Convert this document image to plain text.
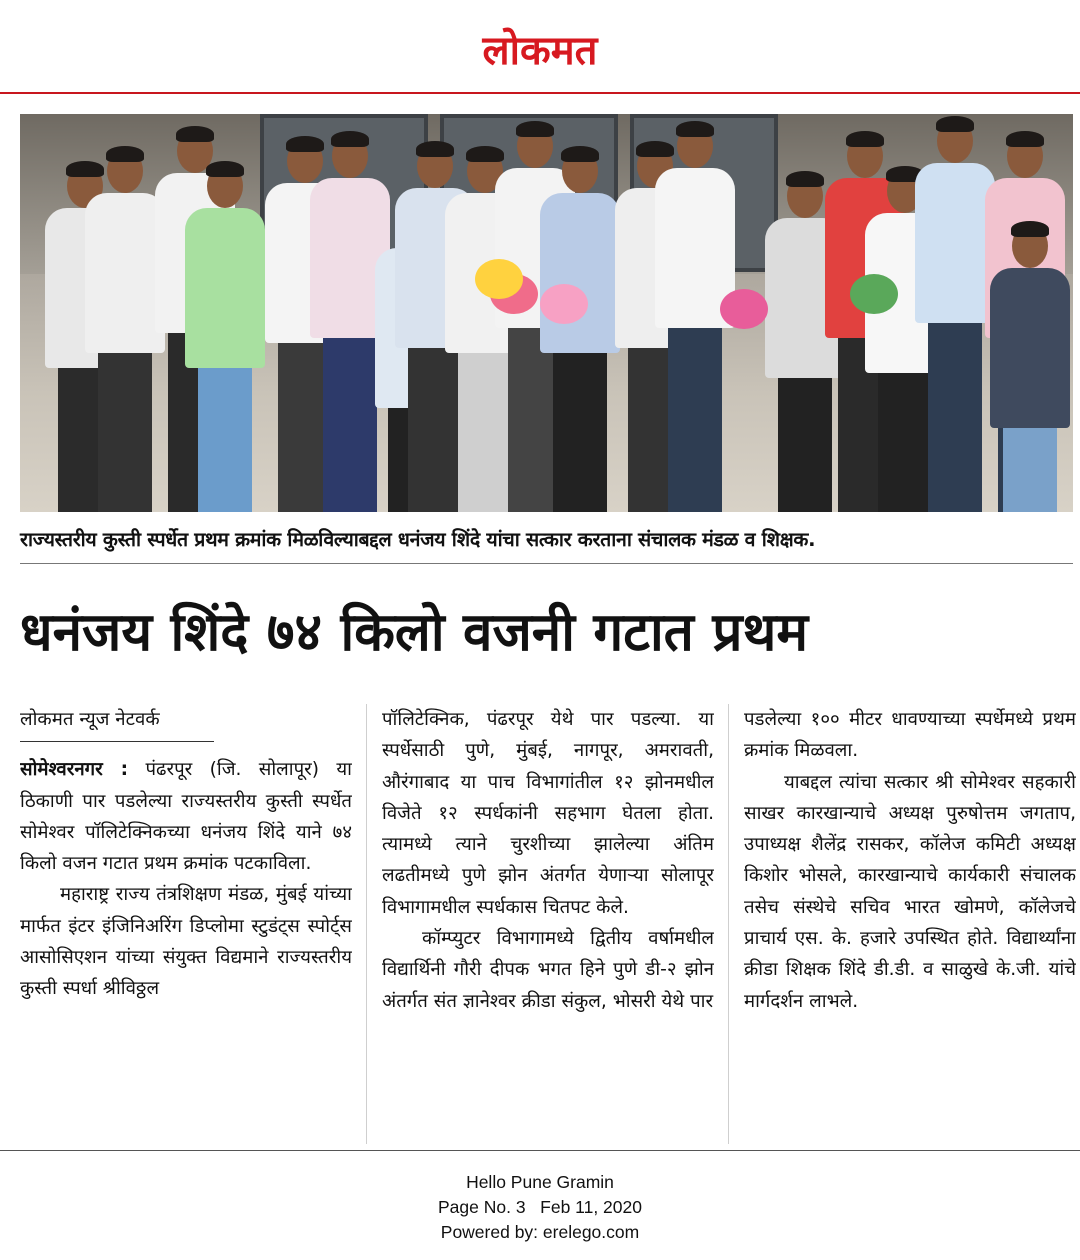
लोकमत
राज्यस्तरीय कुस्ती स्पर्धेत प्रथम क्रमांक मिळविल्याबद्दल धनंजय शिंदे यांचा सत्कार करताना संचालक मंडळ व शिक्षक.
धनंजय शिंदे ७४ किलो वजनी गटात प्रथम
लोकमत न्यूज नेटवर्क

सोमेश्वरनगर : पंढरपूर (जि. सोलापूर) या ठिकाणी पार पडलेल्या राज्यस्तरीय कुस्ती स्पर्धेत सोमेश्वर पॉलिटेक्निकच्या धनंजय शिंदे याने ७४ किलो वजन गटात प्रथम क्रमांक पटकाविला.

महाराष्ट्र राज्य तंत्रशिक्षण मंडळ, मुंबई यांच्या मार्फत इंटर इंजिनिअरिंग डिप्लोमा स्टुडंट्स स्पोर्ट्स आसोसिएशन यांच्या संयुक्त विद्यमाने राज्यस्तरीय कुस्ती स्पर्धा श्रीविठ्ठल

पॉलिटेक्निक, पंढरपूर येथे पार पडल्या. या स्पर्धेसाठी पुणे, मुंबई, नागपूर, अमरावती, औरंगाबाद या पाच विभागांतील १२ झोनमधील विजेते १२ स्पर्धकांनी सहभाग घेतला होता. त्यामध्ये त्याने चुरशीच्या झालेल्या अंतिम लढतीमध्ये पुणे झोन अंतर्गत येणाऱ्या सोलापूर विभागामधील स्पर्धकास चितपट केले.

कॉम्प्युटर विभागामध्ये द्वितीय वर्षामधील विद्यार्थिनी गौरी दीपक भगत हिने पुणे डी-२ झोन अंतर्गत संत ज्ञानेश्वर क्रीडा संकुल, भोसरी येथे पार

पडलेल्या १०० मीटर धावण्याच्या स्पर्धेमध्ये प्रथम क्रमांक मिळवला.

याबद्दल त्यांचा सत्कार श्री सोमेश्वर सहकारी साखर कारखान्याचे अध्यक्ष पुरुषोत्तम जगताप, उपाध्यक्ष शैलेंद्र रासकर, कॉलेज कमिटी अध्यक्ष किशोर भोसले, कारखान्याचे कार्यकारी संचालक तसेच संस्थेचे सचिव भारत खोमणे, कॉलेजचे प्राचार्य एस. के. हजारे उपस्थित होते. विद्यार्थ्यांना क्रीडा शिक्षक शिंदे डी.डी. व साळुखे के.जी. यांचे मार्गदर्शन लाभले.

Hello Pune Gramin
Page No. 3   Feb 11, 2020
Powered by: erelego.com
